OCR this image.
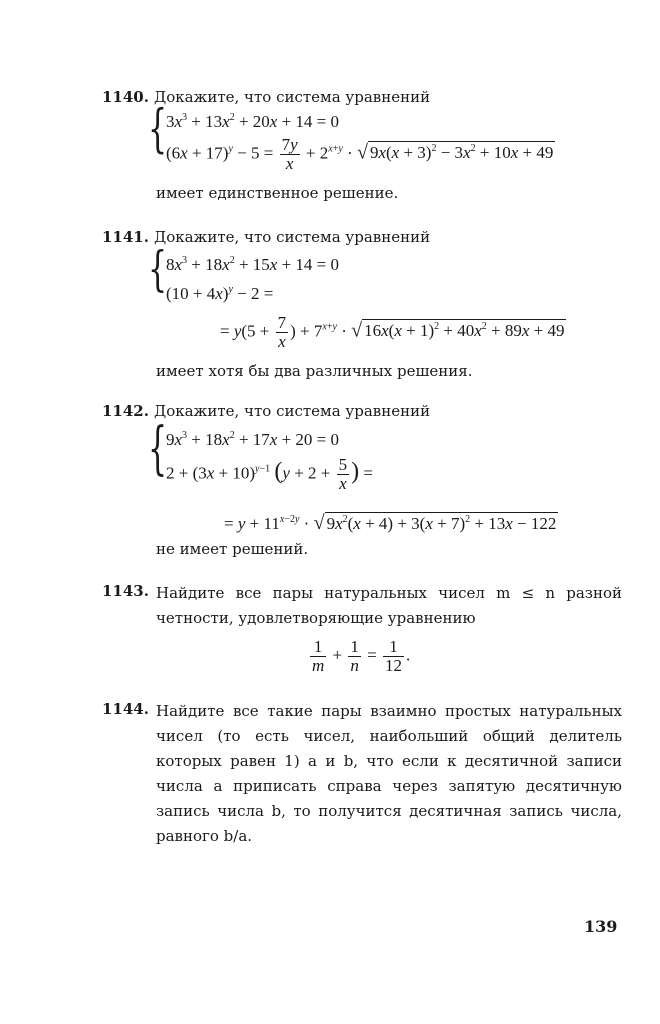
1140. Докажите, что система уравнений
{
$3x^3 + 13x^2 + 20x + 14 = 0$
$(6x + 17)^y - 5 = \frac{7y}{x} + 2^{x+y}$ · √ $9x(x + 3)^2 - 3x^2 + 10x + 49$
имеет единственное решение.
1141. Докажите, что система уравнений
{
$8x^3 + 18x^2 + 15x + 14 = 0$
$(10 + 4x)^y - 2$ =
= $y(5 + \frac{7}{x}$ ) + $7^{x+y}$ · √ $16x(x + 1)^2 + 40x^2 + 89x + 49$
имеет хотя бы два различных решения.
1142. Докажите, что система уравнений
{
$9x^3 + 18x^2 + 17x + 20 = 0$
$2 + (3x + 10)^{y-1}$ ($y + 2 + \frac{5}{x}$ ) =
= $y + 11^{x-2y}$ · √ $9x^2(x + 4) + 3(x + 7)^2 + 13x - 122$
не имеет решений.
1143. Найдите все пары натуральных чисел m ≤ n разной четности, удовлетворяющие уравнению
$\frac{1}{m} + \frac{1}{n} = \frac{1}{12}$ .
1144. Найдите все такие пары взаимно простых натуральных чисел (то есть чисел, наибольший общий делитель которых равен 1) a и b, что если к десятичной записи числа a приписать справа через запятую десятичную запись числа b, то получится десятичная запись числа, равного b/a.
139
